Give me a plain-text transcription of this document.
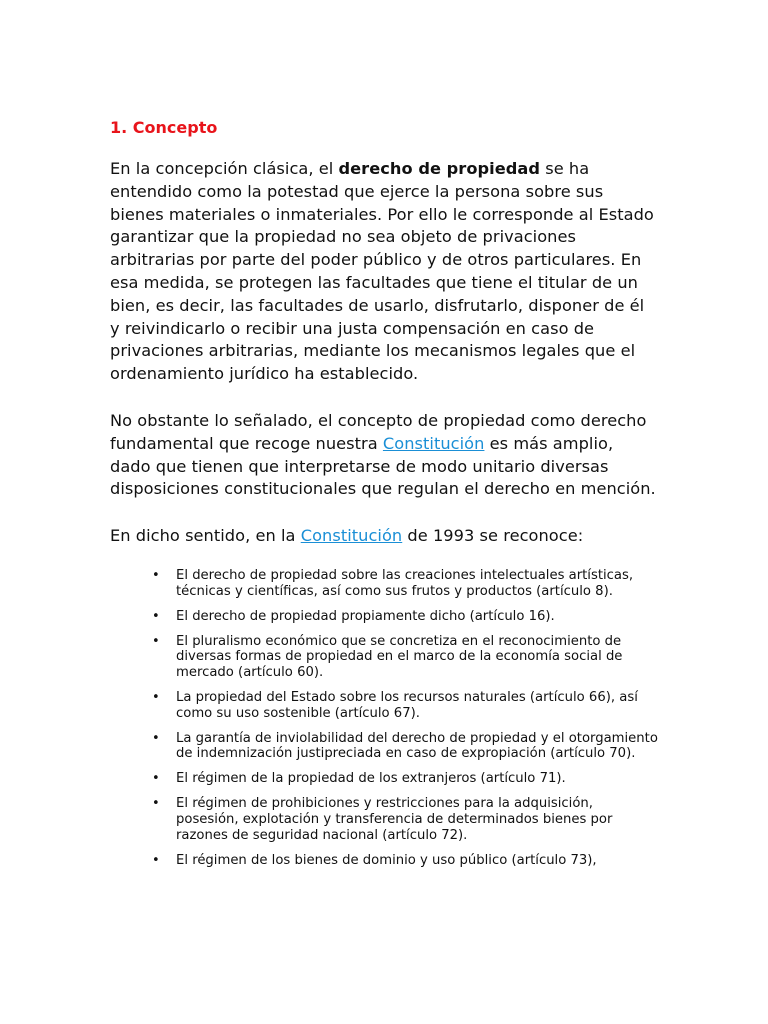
1. Concepto

En la concepción clásica, el derecho de propiedad se ha entendido como la potestad que ejerce la persona sobre sus bienes materiales o inmateriales. Por ello le corresponde al Estado garantizar que la propiedad no sea objeto de privaciones arbitrarias por parte del poder público y de otros particulares. En esa medida, se protegen las facultades que tiene el titular de un bien, es decir, las facultades de usarlo, disfrutarlo, disponer de él y reivindicarlo o recibir una justa compensación en caso de privaciones arbitrarias, mediante los mecanismos legales que el ordenamiento jurídico ha establecido.

No obstante lo señalado, el concepto de propiedad como derecho fundamental que recoge nuestra Constitución es más amplio, dado que tienen que interpretarse de modo unitario diversas disposiciones constitucionales que regulan el derecho en mención.

En dicho sentido, en la Constitución de 1993 se reconoce:

• El derecho de propiedad sobre las creaciones intelectuales artísticas, técnicas y científicas, así como sus frutos y productos (artículo 8).
• El derecho de propiedad propiamente dicho (artículo 16).
• El pluralismo económico que se concretiza en el reconocimiento de diversas formas de propiedad en el marco de la economía social de mercado (artículo 60).
• La propiedad del Estado sobre los recursos naturales (artículo 66), así como su uso sostenible (artículo 67).
• La garantía de inviolabilidad del derecho de propiedad y el otorgamiento de indemnización justipreciada en caso de expropiación (artículo 70).
• El régimen de la propiedad de los extranjeros (artículo 71).
• El régimen de prohibiciones y restricciones para la adquisición, posesión, explotación y transferencia de determinados bienes por razones de seguridad nacional (artículo 72).
• El régimen de los bienes de dominio y uso público (artículo 73),
